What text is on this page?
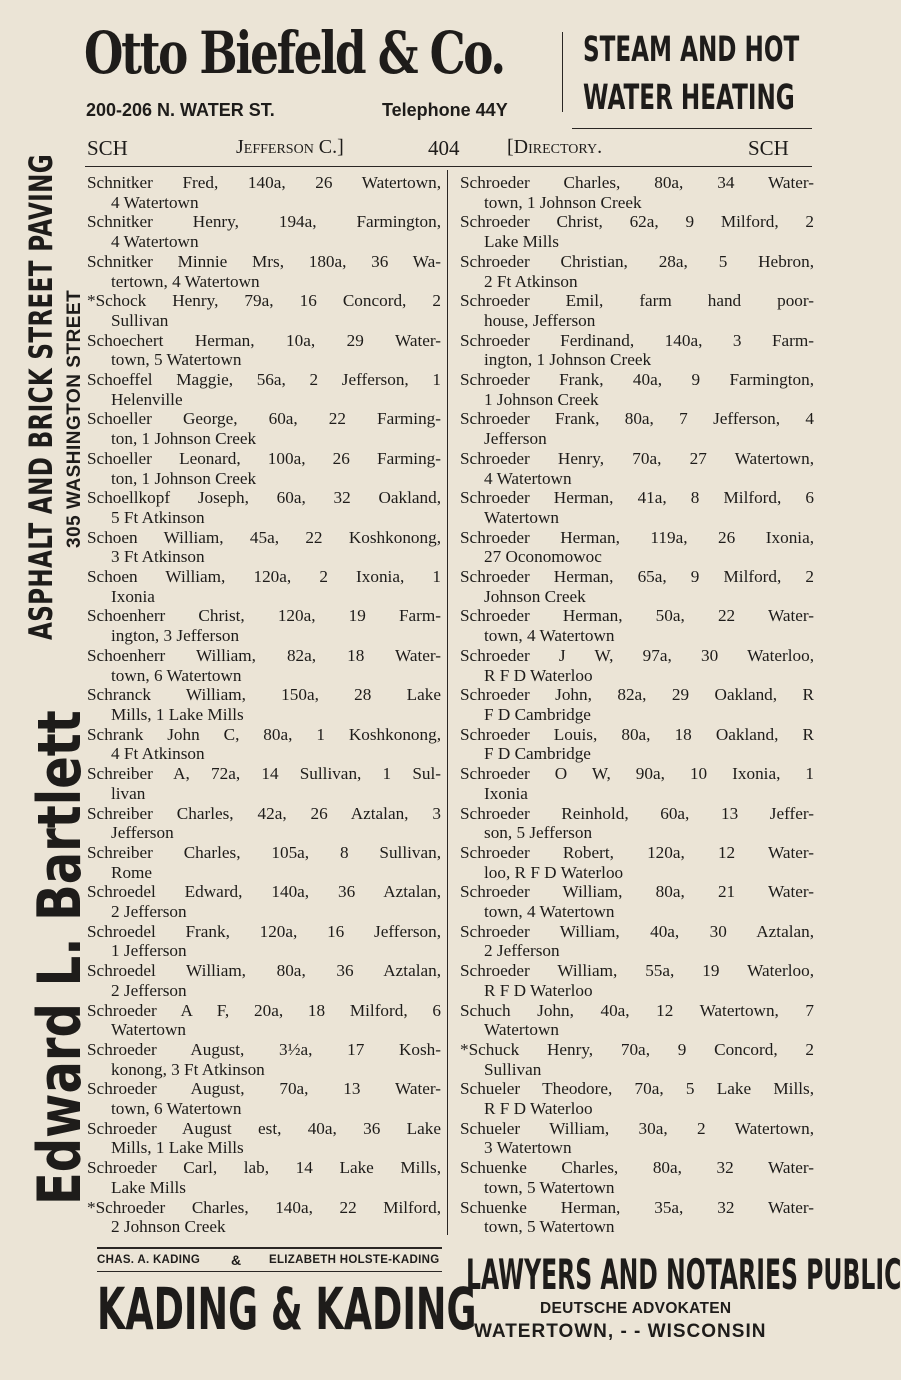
Otto Biefeld & Co.
200-206 N. WATER ST.	Telephone 44Y
STEAM AND HOT
WATER HEATING
SCH	Jefferson C.]	404 [Directory.	SCH
ASPHALT AND BRICK STREET PAVING 305 WASHINGTON STREET
Edward L. Bartlett
Schnitker Fred, 140a, 26 Watertown,
4 Watertown
Schnitker Henry, 194a, Farmington,
4 Watertown
Schnitker Minnie Mrs, 180a, 36 Wa-
tertown, 4 Watertown
*Schock Henry, 79a, 16 Concord, 2
Sullivan
Schoechert Herman, 10a, 29 Water-
town, 5 Watertown
Schoeffel Maggie, 56a, 2 Jefferson, 1
Helenville
Schoeller George, 60a, 22 Farming-
ton, 1 Johnson Creek
Schoeller Leonard, 100a, 26 Farming-
ton, 1 Johnson Creek
Schoellkopf Joseph, 60a, 32 Oakland,
5 Ft Atkinson
Schoen William, 45a, 22 Koshkonong,
3 Ft Atkinson
Schoen William, 120a, 2 Ixonia, 1
Ixonia
Schoenherr Christ, 120a, 19 Farm-
ington, 3 Jefferson
Schoenherr William, 82a, 18 Water-
town, 6 Watertown
Schranck William, 150a, 28 Lake
Mills, 1 Lake Mills
Schrank John C, 80a, 1 Koshkonong,
4 Ft Atkinson
Schreiber A, 72a, 14 Sullivan, 1 Sul-
livan
Schreiber Charles, 42a, 26 Aztalan, 3
Jefferson
Schreiber Charles, 105a, 8 Sullivan,
Rome
Schroedel Edward, 140a, 36 Aztalan,
2 Jefferson
Schroedel Frank, 120a, 16 Jefferson,
1 Jefferson
Schroedel William, 80a, 36 Aztalan,
2 Jefferson
Schroeder A F, 20a, 18 Milford, 6
Watertown
Schroeder August, 3½a, 17 Kosh-
konong, 3 Ft Atkinson
Schroeder August, 70a, 13 Water-
town, 6 Watertown
Schroeder August est, 40a, 36 Lake
Mills, 1 Lake Mills
Schroeder Carl, lab, 14 Lake Mills,
Lake Mills
*Schroeder Charles, 140a, 22 Milford,
2 Johnson Creek
Schroeder Charles, 80a, 34 Water-
town, 1 Johnson Creek
Schroeder Christ, 62a, 9 Milford, 2
Lake Mills
Schroeder Christian, 28a, 5 Hebron,
2 Ft Atkinson
Schroeder Emil, farm hand poor-
house, Jefferson
Schroeder Ferdinand, 140a, 3 Farm-
ington, 1 Johnson Creek
Schroeder Frank, 40a, 9 Farmington,
1 Johnson Creek
Schroeder Frank, 80a, 7 Jefferson, 4
Jefferson
Schroeder Henry, 70a, 27 Watertown,
4 Watertown
Schroeder Herman, 41a, 8 Milford, 6
Watertown
Schroeder Herman, 119a, 26 Ixonia,
27 Oconomowoc
Schroeder Herman, 65a, 9 Milford, 2
Johnson Creek
Schroeder Herman, 50a, 22 Water-
town, 4 Watertown
Schroeder J W, 97a, 30 Waterloo,
R F D Waterloo
Schroeder John, 82a, 29 Oakland, R
F D Cambridge
Schroeder Louis, 80a, 18 Oakland, R
F D Cambridge
Schroeder O W, 90a, 10 Ixonia, 1
Ixonia
Schroeder Reinhold, 60a, 13 Jeffer-
son, 5 Jefferson
Schroeder Robert, 120a, 12 Water-
loo, R F D Waterloo
Schroeder William, 80a, 21 Water-
town, 4 Watertown
Schroeder William, 40a, 30 Aztalan,
2 Jefferson
Schroeder William, 55a, 19 Waterloo,
R F D Waterloo
Schuch John, 40a, 12 Watertown, 7
Watertown
*Schuck Henry, 70a, 9 Concord, 2
Sullivan
Schueler Theodore, 70a, 5 Lake Mills,
R F D Waterloo
Schueler William, 30a, 2 Watertown,
3 Watertown
Schuenke Charles, 80a, 32 Water-
town, 5 Watertown
Schuenke Herman, 35a, 32 Water-
town, 5 Watertown
CHAS. A. KADING & ELIZABETH HOLSTE-KADING
KADING & KADING
LAWYERS AND NOTARIES PUBLIC
DEUTSCHE ADVOKATEN
WATERTOWN, - - WISCONSIN
